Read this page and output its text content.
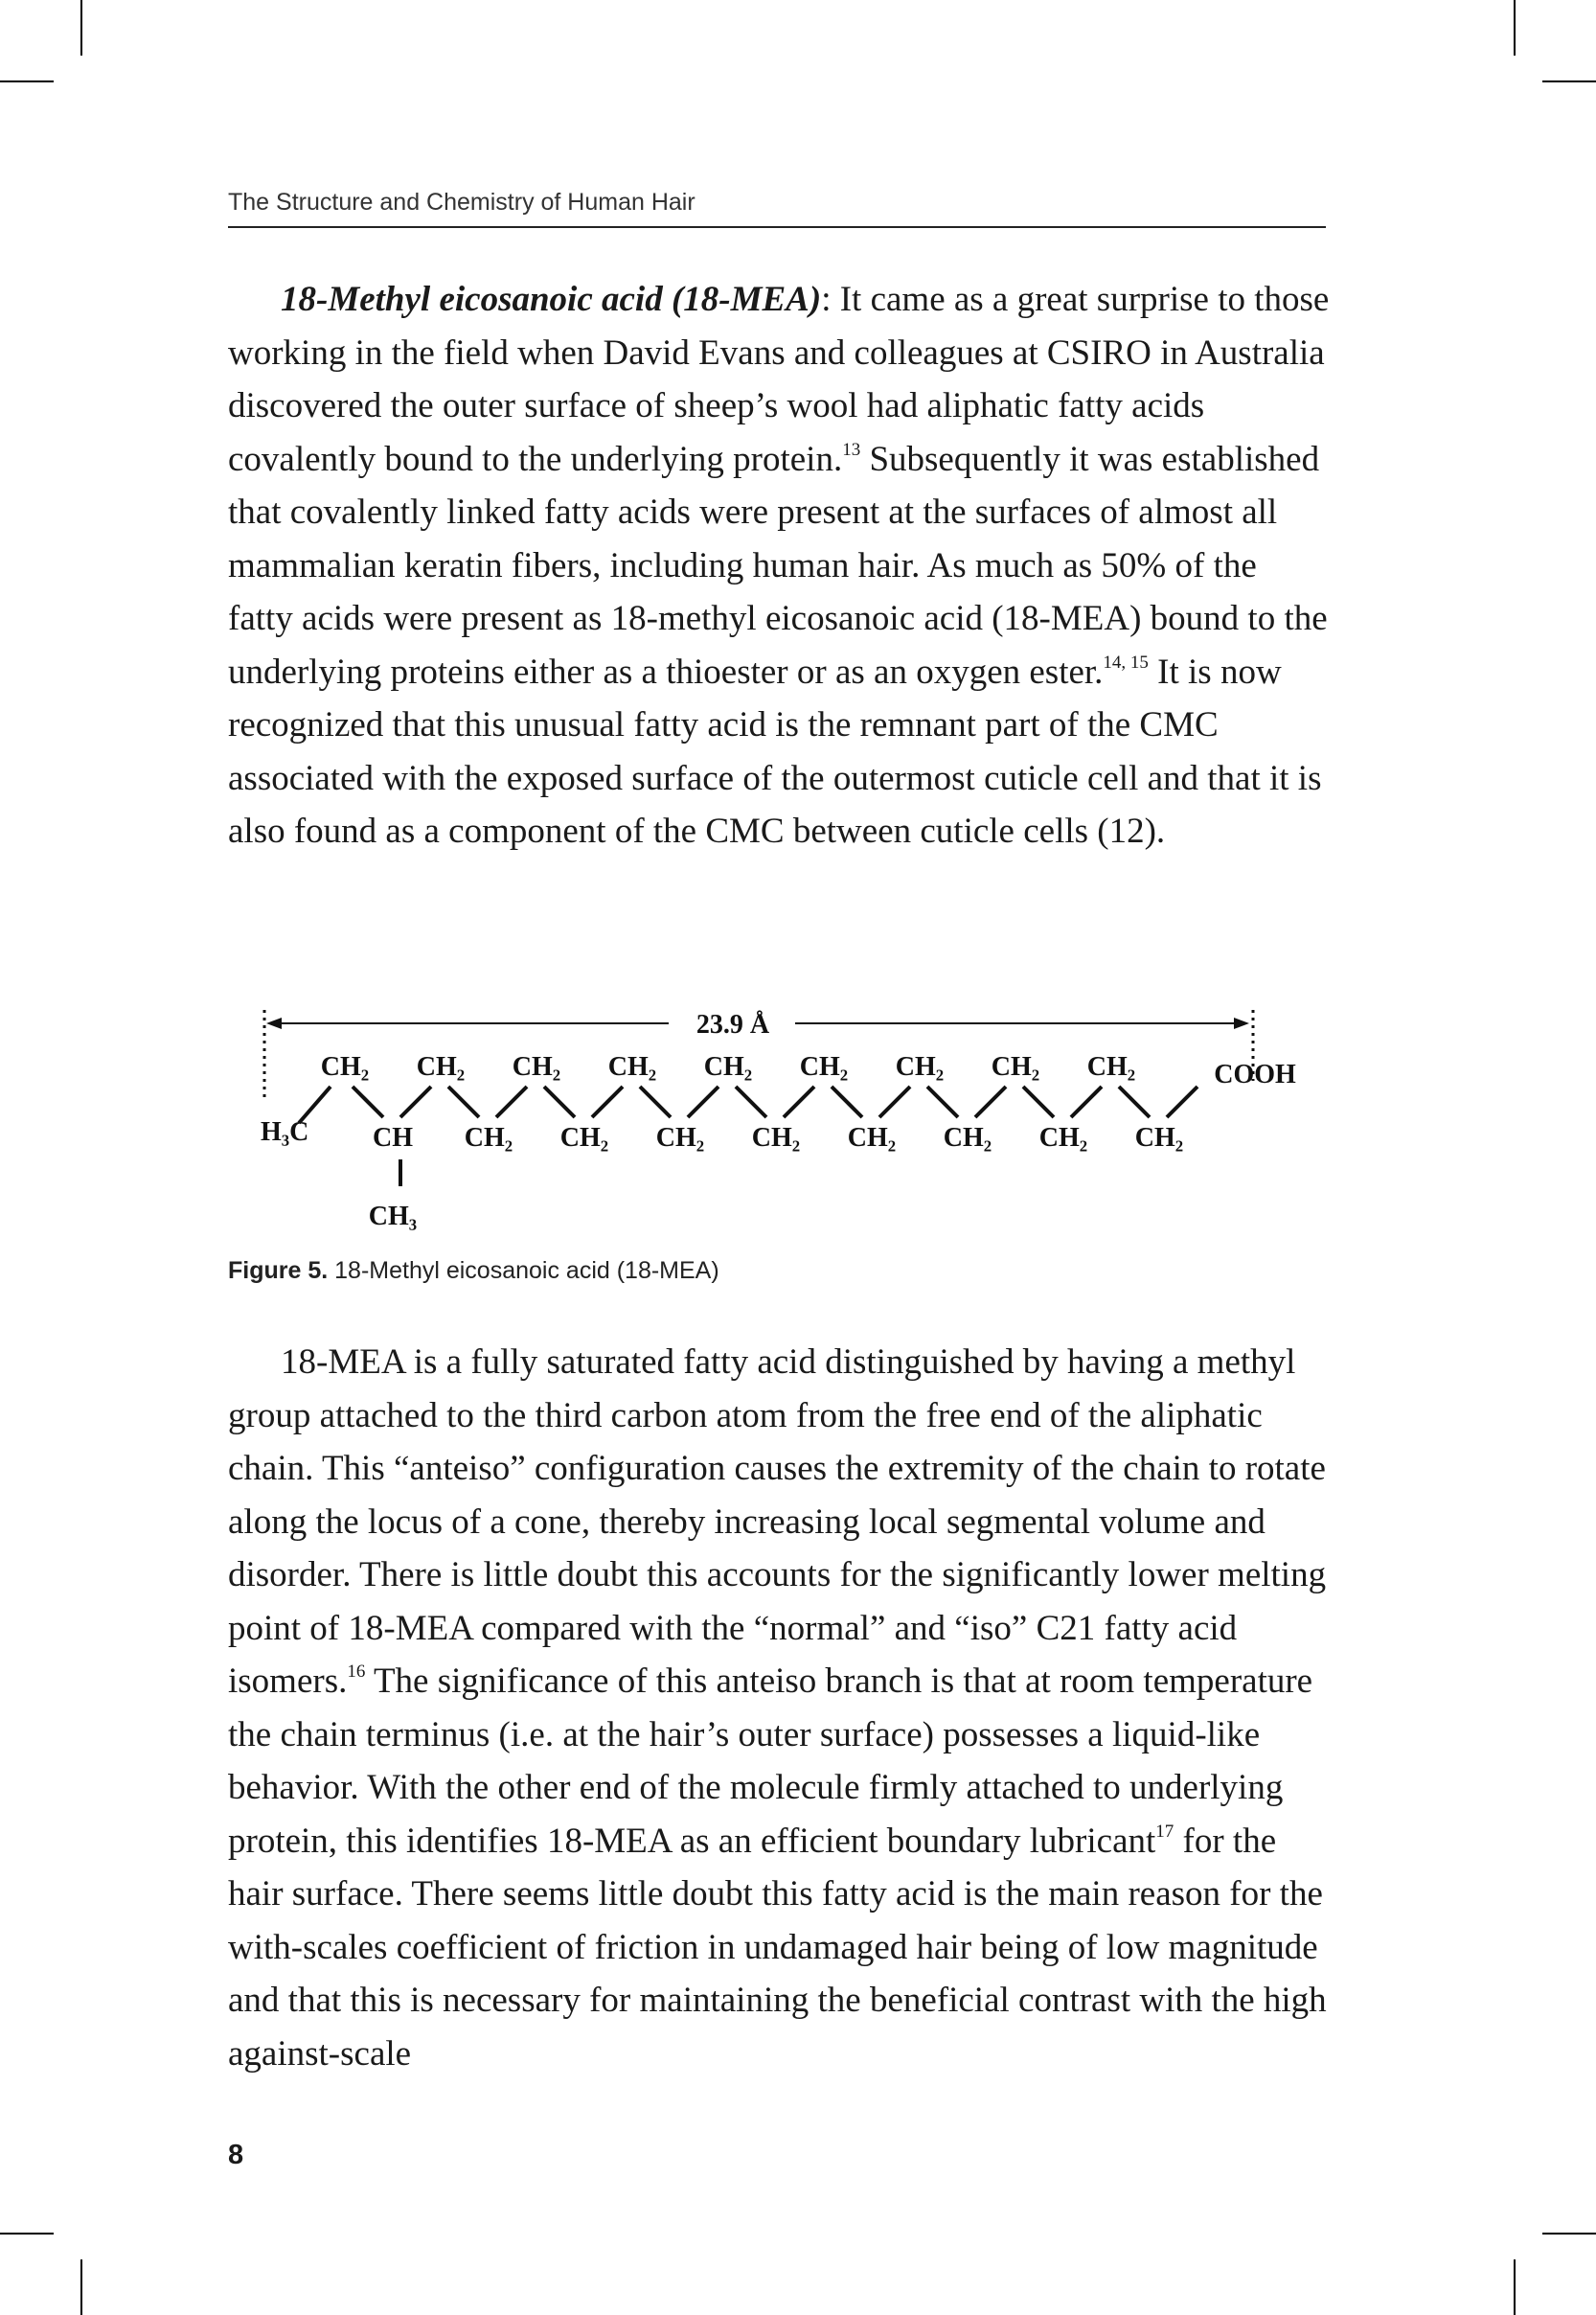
The Structure and Chemistry of Human Hair

18-Methyl eicosanoic acid (18-MEA): It came as a great surprise to those working in the field when David Evans and colleagues at CSIRO in Australia discovered the outer surface of sheep’s wool had aliphatic fatty acids covalently bound to the underlying protein.$^{13}$ Subsequently it was established that covalently linked fatty acids were present at the surfaces of almost all mammalian keratin fibers, including human hair. As much as 50% of the fatty acids were present as 18-methyl eicosanoic acid (18-MEA) bound to the underlying proteins either as a thioester or as an oxygen ester.$^{14, 15}$ It is now recognized that this unusual fatty acid is the remnant part of the CMC associated with the exposed surface of the outermost cuticle cell and that it is also found as a component of the CMC between cuticle cells (12).

23.9 Å
H₃C CH
CH₃
COOH
CH₂ CH₂ CH₂ CH₂ CH₂ CH₂ CH₂ CH₂ CH₂
CH₂ CH₂ CH₂ CH₂ CH₂ CH₂ CH₂ CH₂
Figure 5. 18-Methyl eicosanoic acid (18-MEA)

18-MEA is a fully saturated fatty acid distinguished by having a methyl group attached to the third carbon atom from the free end of the aliphatic chain. This “anteiso” configuration causes the extremity of the chain to rotate along the locus of a cone, thereby increasing local segmental volume and disorder. There is little doubt this accounts for the significantly lower melting point of 18-MEA compared with the “normal” and “iso” C21 fatty acid isomers.$^{16}$ The significance of this anteiso branch is that at room temperature the chain terminus (i.e. at the hair’s outer surface) possesses a liquid-like behavior. With the other end of the molecule firmly attached to underlying protein, this identifies 18-MEA as an efficient boundary lubricant$^{17}$ for the hair surface. There seems little doubt this fatty acid is the main reason for the with-scales coefficient of friction in undamaged hair being of low magnitude and that this is necessary for maintaining the beneficial contrast with the high against-scale

8
